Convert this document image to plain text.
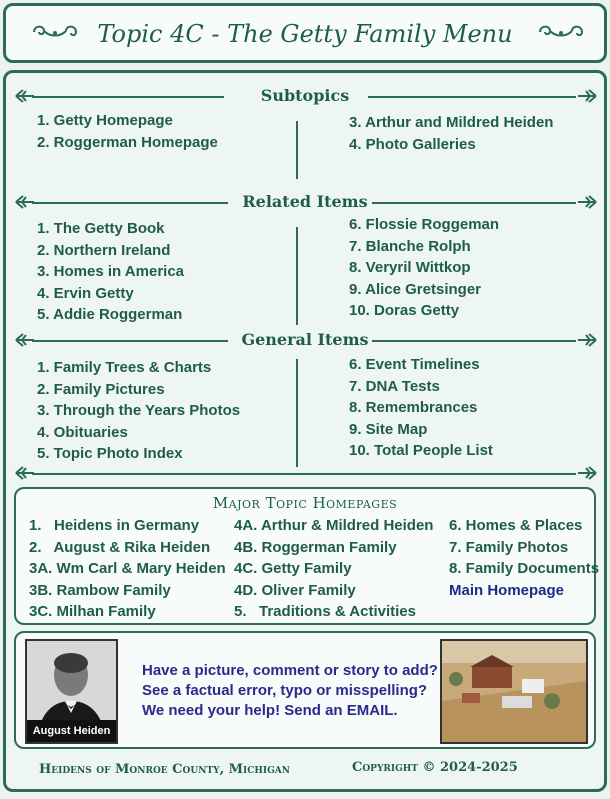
Topic 4C - The Getty Family Menu
Subtopics
1. Getty Homepage
2. Roggerman Homepage
3. Arthur and Mildred Heiden
4. Photo Galleries
Related Items
1. The Getty Book
2. Northern Ireland
3. Homes in America
4. Ervin Getty
5. Addie Roggerman
6. Flossie Roggeman
7. Blanche Rolph
8. Veryril Wittkop
9. Alice Gretsinger
10. Doras Getty
General Items
1. Family Trees & Charts
2. Family Pictures
3. Through the Years Photos
4. Obituaries
5. Topic Photo Index
6. Event Timelines
7. DNA Tests
8. Remembrances
9. Site Map
10. Total People List
Major Topic Homepages
1.   Heidens in Germany
2.   August & Rika Heiden
3A. Wm Carl & Mary Heiden
3B. Rambow Family
3C. Milhan Family
4A. Arthur & Mildred Heiden
4B. Roggerman Family
4C. Getty Family
4D. Oliver Family
5.   Traditions & Activities
6. Homes & Places
7. Family Photos
8. Family Documents
Main Homepage
August Heiden
Have a picture, comment or story to add?
See a factual error, typo or misspelling?
We need your help! Send an EMAIL.
Heidens of Monroe County, Michigan	Copyright © 2024-2025
